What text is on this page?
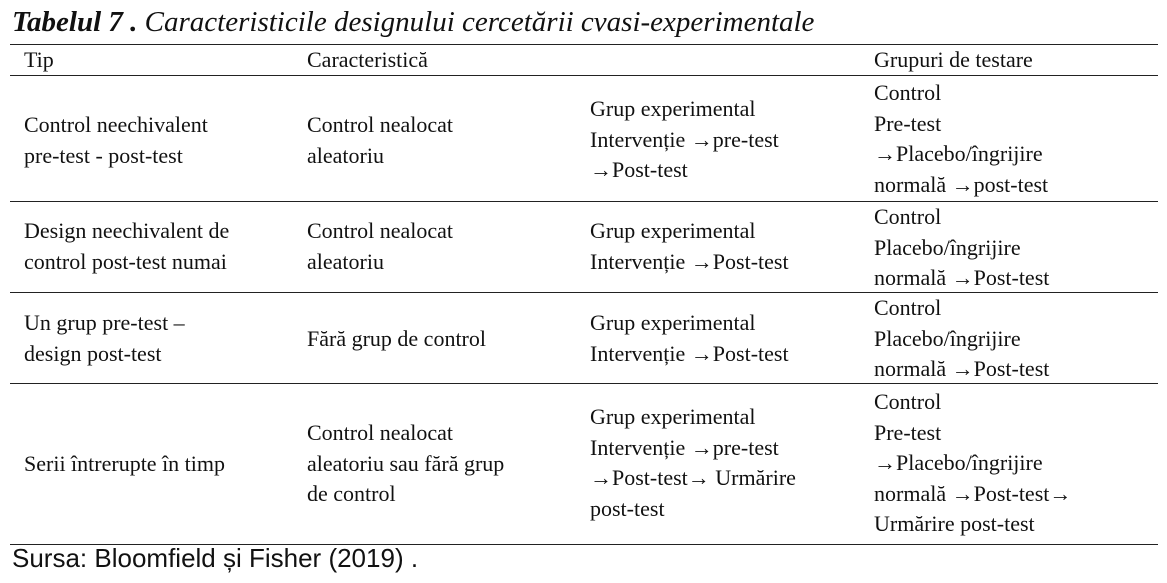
Tabelul 7 . Caracteristicile designului cercetării cvasi-experimentale
Tip	Caracteristică	Grupuri de testare
Control neechivalent
pre-test - post-test
Control nealocat
aleatoriu
Grup experimental
Intervenție →pre-test
→Post-test
Control
Pre-test
→Placebo/îngrijire
normală →post-test
Design neechivalent de
control post-test numai
Control nealocat
aleatoriu
Grup experimental
Intervenție →Post-test
Control
Placebo/îngrijire
normală →Post-test
Un grup pre-test –
design post-test
Fără grup de control
Grup experimental
Intervenție →Post-test
Control
Placebo/îngrijire
normală →Post-test
Serii întrerupte în timp
Control nealocat
aleatoriu sau fără grup
de control
Grup experimental
Intervenție →pre-test
→Post-test→ Urmărire
post-test
Control
Pre-test
→Placebo/îngrijire
normală →Post-test→
Urmărire post-test
Sursa: Bloomfield și Fisher (2019) .
